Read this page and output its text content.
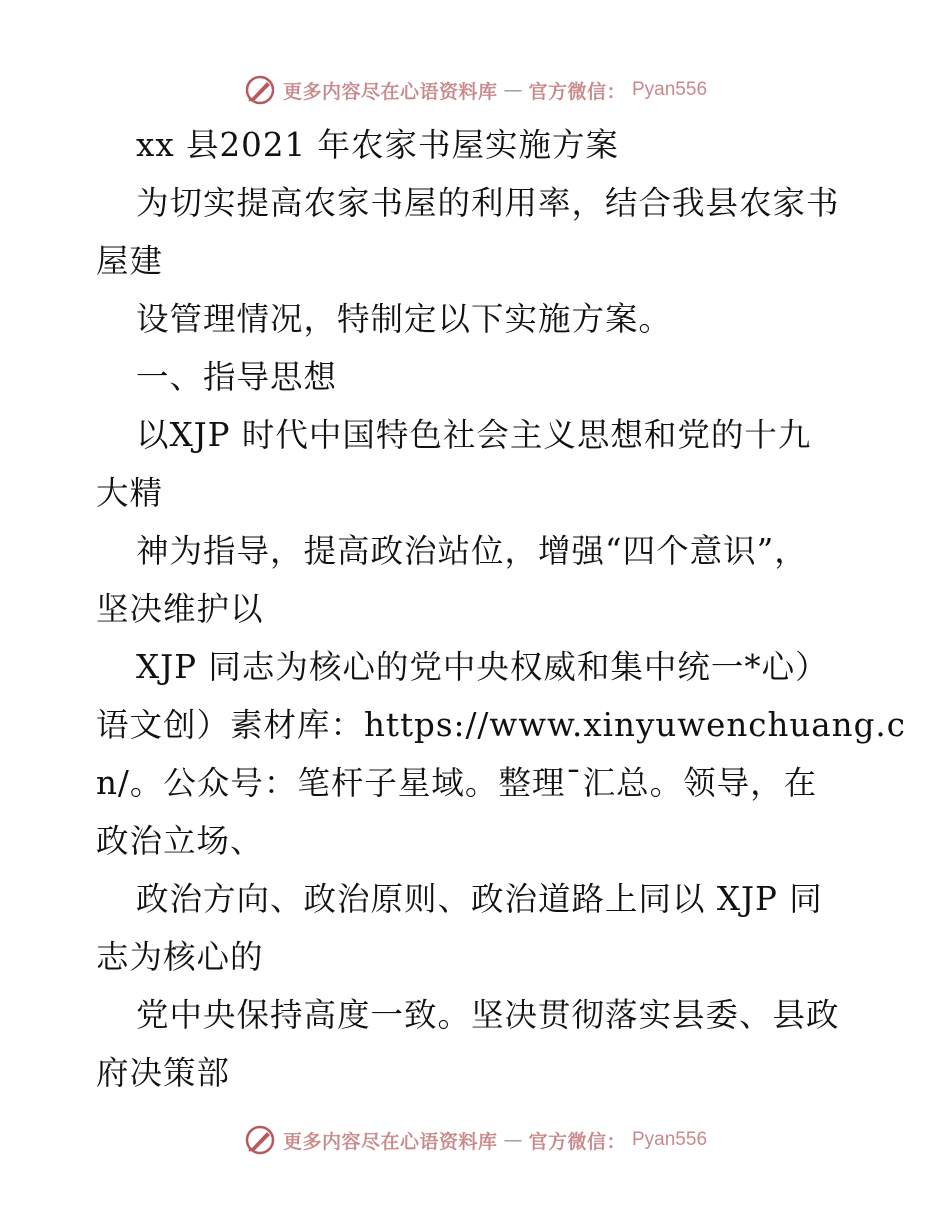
更多内容尽在心语资料库 — 官方微信： Pyan556
xx 县2021 年农家书屋实施方案
为切实提高农家书屋的利用率，结合我县农家书
屋建
设管理情况，特制定以下实施方案。
一、指导思想
以XJP 时代中国特色社会主义思想和党的十九
大精
神为指导，提高政治站位，增强“四个意识”，
坚决维护以
XJP 同志为核心的党中央权威和集中统一*心）
语文创）素材库：https://www.xinyuwenchuang.c
n/。公众号：笔杆子星域。整理¯汇总。领导，在
政治立场、
政治方向、政治原则、政治道路上同以 XJP 同
志为核心的
党中央保持高度一致。坚决贯彻落实县委、县政
府决策部
更多内容尽在心语资料库 — 官方微信： Pyan556
